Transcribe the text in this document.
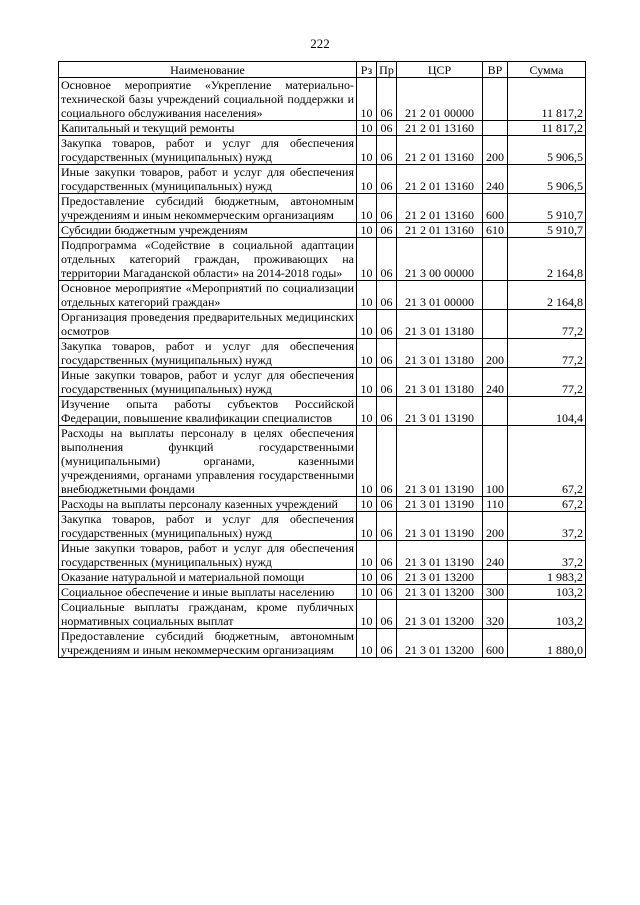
222
Наименование	Рз	Пр	ЦСР	ВР	Сумма
Основное мероприятие «Укрепление материально-технической базы учреждений социальной поддержки и социального обслуживания населения»	10	06	21 2 01 00000		11 817,2
Капитальный и текущий ремонты	10	06	21 2 01 13160		11 817,2
Закупка товаров, работ и услуг для обеспечения государственных (муниципальных) нужд	10	06	21 2 01 13160	200	5 906,5
Иные закупки товаров, работ и услуг для обеспечения государственных (муниципальных) нужд	10	06	21 2 01 13160	240	5 906,5
Предоставление субсидий бюджетным, автономным учреждениям и иным некоммерческим организациям	10	06	21 2 01 13160	600	5 910,7
Субсидии бюджетным учреждениям	10	06	21 2 01 13160	610	5 910,7
Подпрограмма «Содействие в социальной адаптации отдельных категорий граждан, проживающих на территории Магаданской области» на 2014-2018 годы»	10	06	21 3 00 00000		2 164,8
Основное мероприятие «Мероприятий по социализации отдельных категорий граждан»	10	06	21 3 01 00000		2 164,8
Организация проведения предварительных медицинских осмотров	10	06	21 3 01 13180		77,2
Закупка товаров, работ и услуг для обеспечения государственных (муниципальных) нужд	10	06	21 3 01 13180	200	77,2
Иные закупки товаров, работ и услуг для обеспечения государственных (муниципальных) нужд	10	06	21 3 01 13180	240	77,2
Изучение опыта работы субъектов Российской Федерации, повышение квалификации специалистов	10	06	21 3 01 13190		104,4
Расходы на выплаты персоналу в целях обеспечения выполнения функций государственными (муниципальными) органами, казенными учреждениями, органами управления государственными внебюджетными фондами	10	06	21 3 01 13190	100	67,2
Расходы на выплаты персоналу казенных учреждений	10	06	21 3 01 13190	110	67,2
Закупка товаров, работ и услуг для обеспечения государственных (муниципальных) нужд	10	06	21 3 01 13190	200	37,2
Иные закупки товаров, работ и услуг для обеспечения государственных (муниципальных) нужд	10	06	21 3 01 13190	240	37,2
Оказание натуральной и материальной помощи	10	06	21 3 01 13200		1 983,2
Социальное обеспечение и иные выплаты населению	10	06	21 3 01 13200	300	103,2
Социальные выплаты гражданам, кроме публичных нормативных социальных выплат	10	06	21 3 01 13200	320	103,2
Предоставление субсидий бюджетным, автономным учреждениям и иным некоммерческим организациям	10	06	21 3 01 13200	600	1 880,0
